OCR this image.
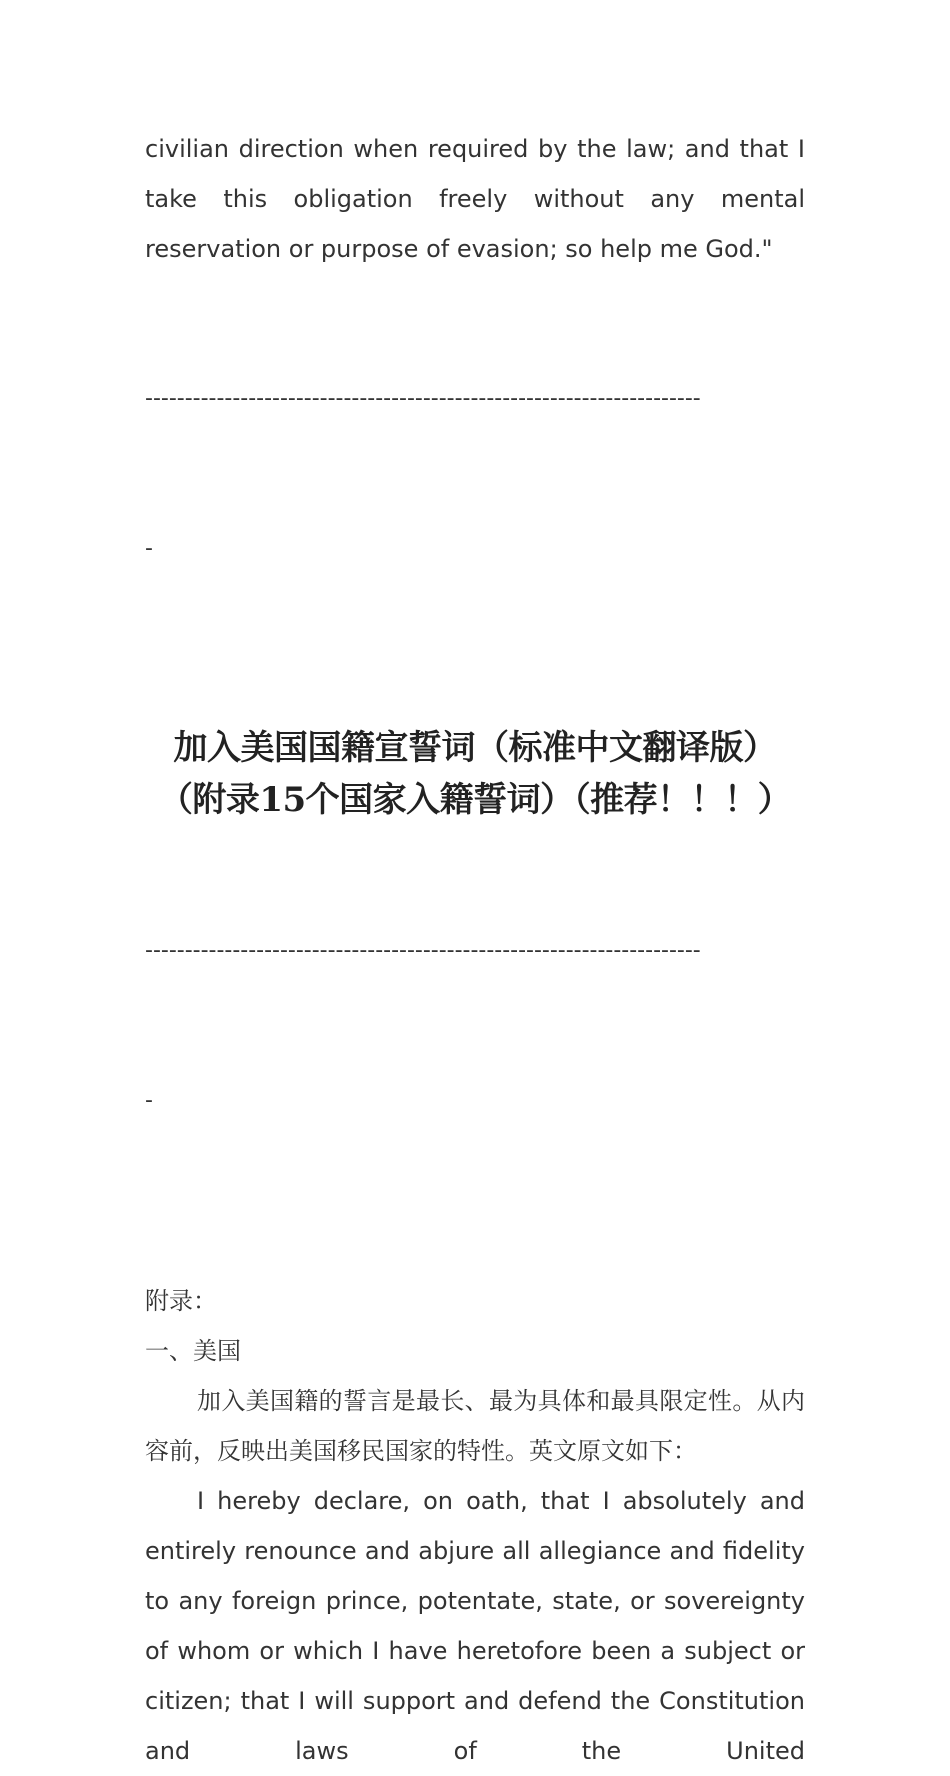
civilian direction when required by the law; and that I take this obligation freely without any mental reservation or purpose of evasion; so help me God."

----------------------------------------------------------------------

-

加入美国国籍宣誓词（标准中文翻译版）

（附录15个国家入籍誓词）（推荐！！！）

----------------------------------------------------------------------

-

附录：

一、美国

加入美国籍的誓言是最长、最为具体和最具限定性。从内容前，反映出美国移民国家的特性。英文原文如下：

I hereby declare, on oath, that I absolutely and entirely renounce and abjure all allegiance and fidelity to any foreign prince, potentate, state, or sovereignty of whom or which I have heretofore been a subject or citizen; that I will support and defend the Constitution and laws of the United
